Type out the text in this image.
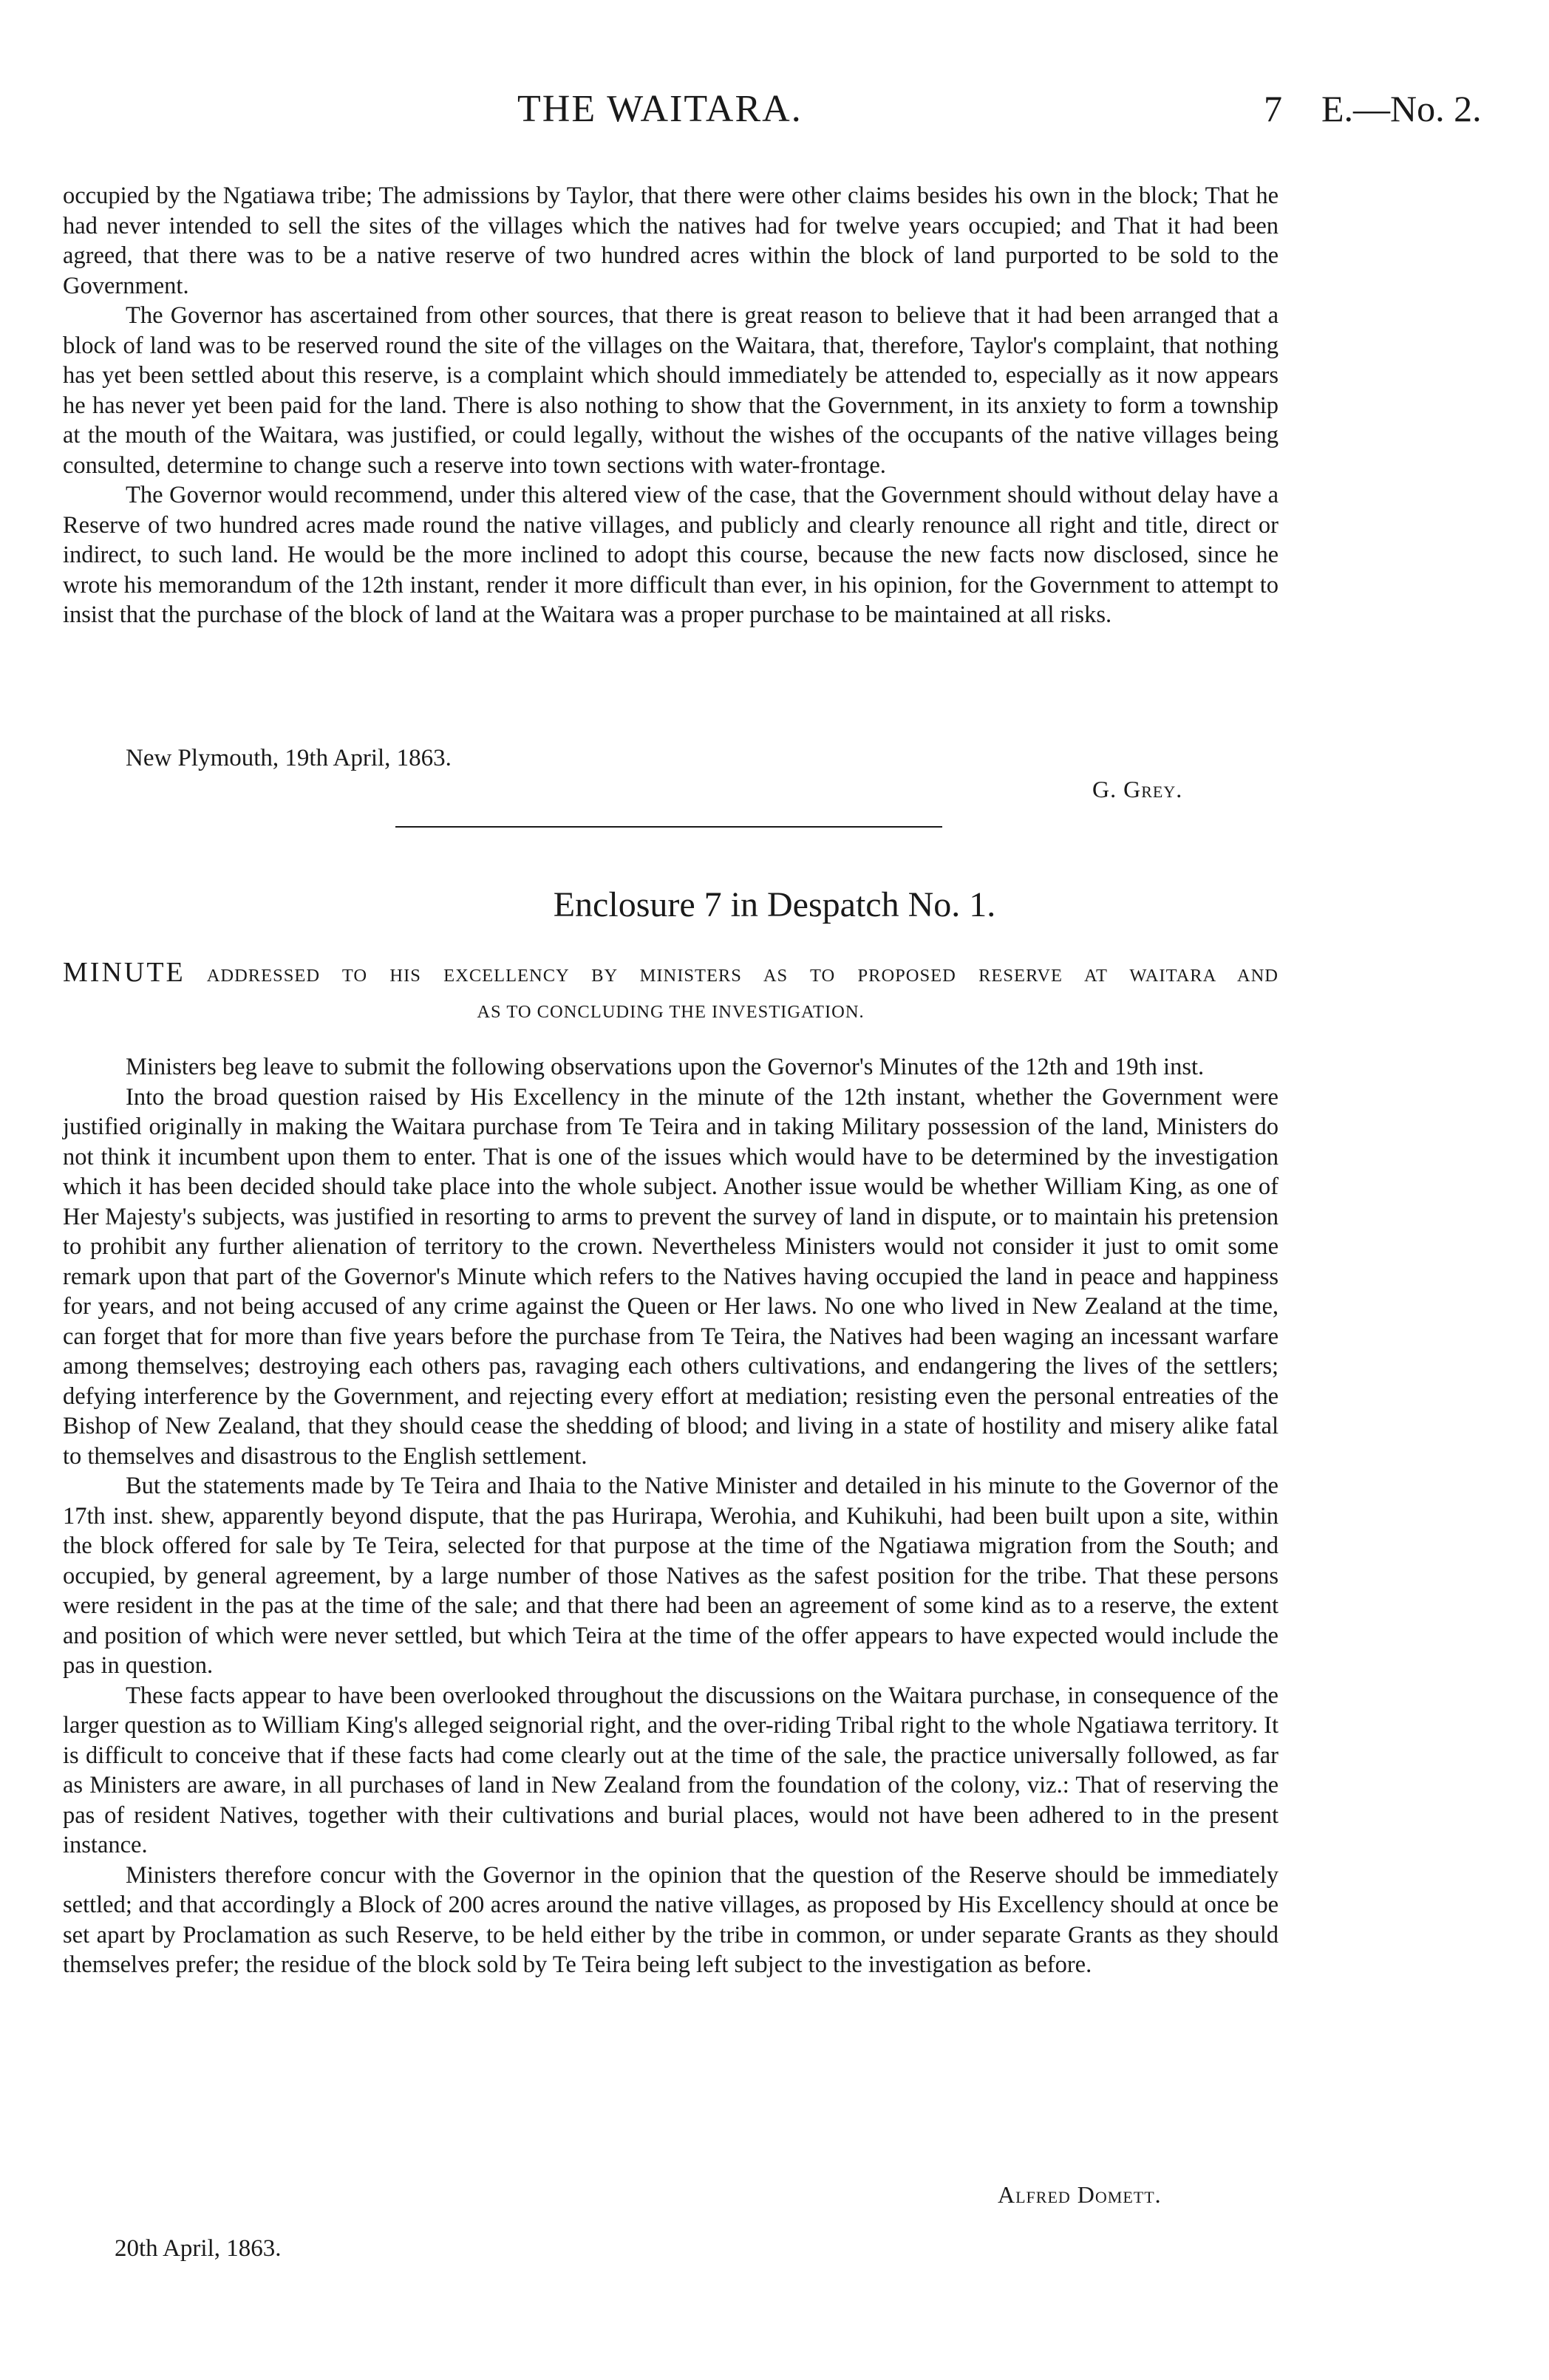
THE WAITARA.	7 E.—No. 2.

occupied by the Ngatiawa tribe; The admissions by Taylor, that there were other claims besides his own in the block; That he had never intended to sell the sites of the villages which the natives had for twelve years occupied; and That it had been agreed, that there was to be a native reserve of two hundred acres within the block of land purported to be sold to the Government.

The Governor has ascertained from other sources, that there is great reason to believe that it had been arranged that a block of land was to be reserved round the site of the villages on the Waitara, that, therefore, Taylor's complaint, that nothing has yet been settled about this reserve, is a complaint which should immediately be attended to, especially as it now appears he has never yet been paid for the land. There is also nothing to show that the Government, in its anxiety to form a township at the mouth of the Waitara, was justified, or could legally, without the wishes of the occupants of the native villages being consulted, determine to change such a reserve into town sections with water-frontage.

The Governor would recommend, under this altered view of the case, that the Government should without delay have a Reserve of two hundred acres made round the native villages, and publicly and clearly renounce all right and title, direct or indirect, to such land. He would be the more inclined to adopt this course, because the new facts now disclosed, since he wrote his memorandum of the 12th instant, render it more difficult than ever, in his opinion, for the Government to attempt to insist that the purchase of the block of land at the Waitara was a proper purchase to be maintained at all risks.

New Plymouth, 19th April, 1863.
G. Grey.
Enclosure 7 in Despatch No. 1.
MINUTE ADDRESSED TO HIS EXCELLENCY BY MINISTERS AS TO PROPOSED RESERVE AT WAITARA AND
AS TO CONCLUDING THE INVESTIGATION.

Ministers beg leave to submit the following observations upon the Governor's Minutes of the 12th and 19th inst.

Into the broad question raised by His Excellency in the minute of the 12th instant, whether the Government were justified originally in making the Waitara purchase from Te Teira and in taking Military possession of the land, Ministers do not think it incumbent upon them to enter. That is one of the issues which would have to be determined by the investigation which it has been decided should take place into the whole subject. Another issue would be whether William King, as one of Her Majesty's subjects, was justified in resorting to arms to prevent the survey of land in dispute, or to maintain his pretension to prohibit any further alienation of territory to the crown. Nevertheless Ministers would not consider it just to omit some remark upon that part of the Governor's Minute which refers to the Natives having occupied the land in peace and happiness for years, and not being accused of any crime against the Queen or Her laws. No one who lived in New Zealand at the time, can forget that for more than five years before the purchase from Te Teira, the Natives had been waging an incessant warfare among themselves; destroying each others pas, ravaging each others cultivations, and endangering the lives of the settlers; defying interference by the Government, and rejecting every effort at mediation; resisting even the personal entreaties of the Bishop of New Zealand, that they should cease the shedding of blood; and living in a state of hostility and misery alike fatal to themselves and disastrous to the English settlement.

But the statements made by Te Teira and Ihaia to the Native Minister and detailed in his minute to the Governor of the 17th inst. shew, apparently beyond dispute, that the pas Hurirapa, Werohia, and Kuhikuhi, had been built upon a site, within the block offered for sale by Te Teira, selected for that purpose at the time of the Ngatiawa migration from the South; and occupied, by general agreement, by a large number of those Natives as the safest position for the tribe. That these persons were resident in the pas at the time of the sale; and that there had been an agreement of some kind as to a reserve, the extent and position of which were never settled, but which Teira at the time of the offer appears to have expected would include the pas in question.

These facts appear to have been overlooked throughout the discussions on the Waitara purchase, in consequence of the larger question as to William King's alleged seignorial right, and the over-riding Tribal right to the whole Ngatiawa territory. It is difficult to conceive that if these facts had come clearly out at the time of the sale, the practice universally followed, as far as Ministers are aware, in all purchases of land in New Zealand from the foundation of the colony, viz.: That of reserving the pas of resident Natives, together with their cultivations and burial places, would not have been adhered to in the present instance.

Ministers therefore concur with the Governor in the opinion that the question of the Reserve should be immediately settled; and that accordingly a Block of 200 acres around the native villages, as proposed by His Excellency should at once be set apart by Proclamation as such Reserve, to be held either by the tribe in common, or under separate Grants as they should themselves prefer; the residue of the block sold by Te Teira being left subject to the investigation as before.

Alfred Domett.
20th April, 1863.
